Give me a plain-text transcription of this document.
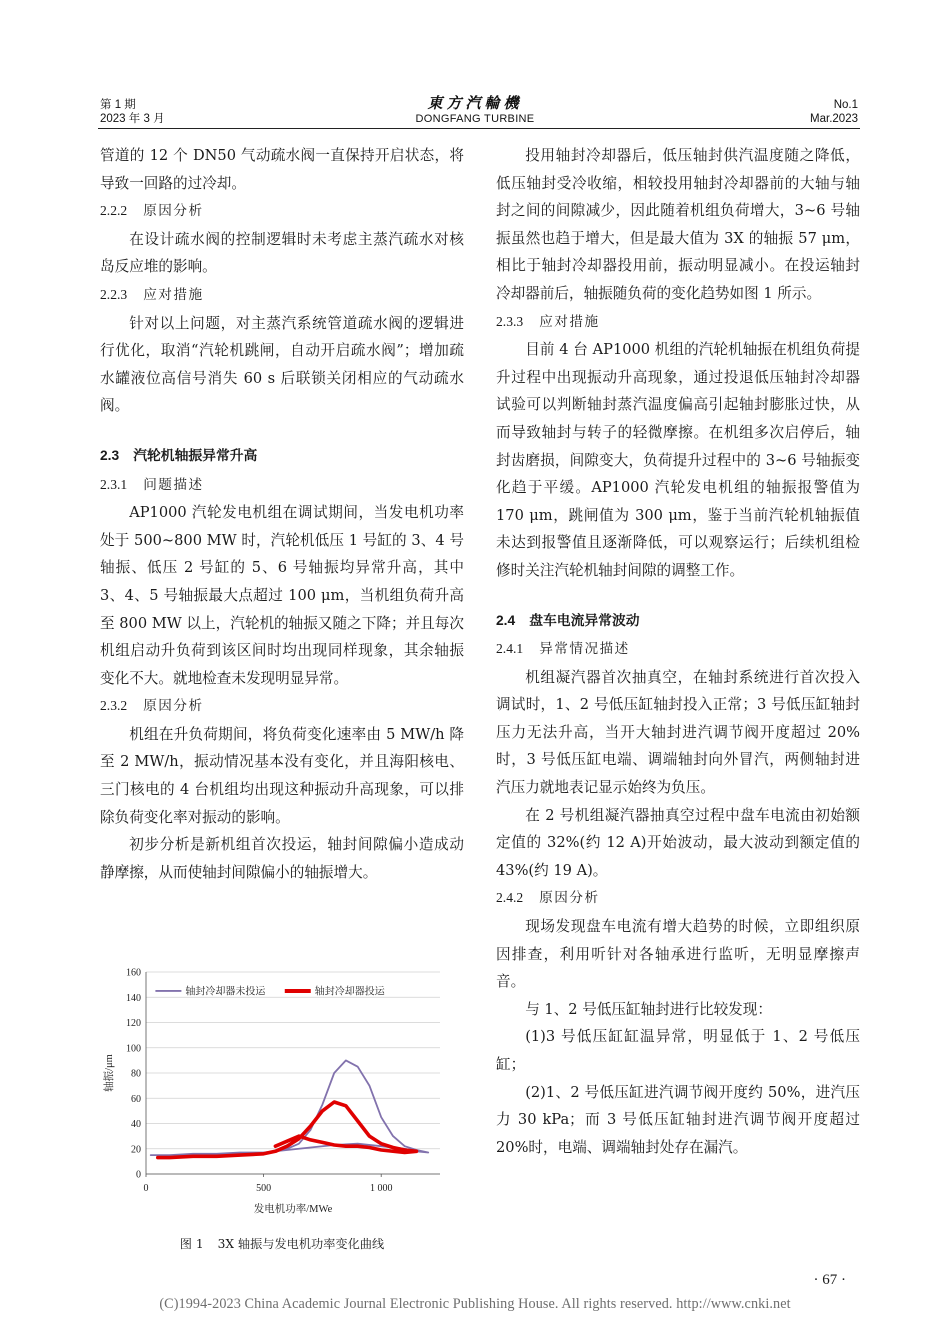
第 1 期
2023 年 3 月
東方汽輪機
DONGFANG TURBINE
No.1
Mar.2023

管道的 12 个 DN50 气动疏水阀一直保持开启状态，将导致一回路的过冷却。

2.2.2 原因分析

在设计疏水阀的控制逻辑时未考虑主蒸汽疏水对核岛反应堆的影响。

2.2.3 应对措施

针对以上问题，对主蒸汽系统管道疏水阀的逻辑进行优化，取消“汽轮机跳闸，自动开启疏水阀”；增加疏水罐液位高信号消失 60 s 后联锁关闭相应的气动疏水阀。

2.3 汽轮机轴振异常升高

2.3.1 问题描述

AP1000 汽轮发电机组在调试期间，当发电机功率处于 500~800 MW 时，汽轮机低压 1 号缸的 3、4 号轴振、低压 2 号缸的 5、6 号轴振均异常升高，其中 3、4、5 号轴振最大点超过 100 μm，当机组负荷升高至 800 MW 以上，汽轮机的轴振又随之下降；并且每次机组启动升负荷到该区间时均出现同样现象，其余轴振变化不大。就地检查未发现明显异常。

2.3.2 原因分析

机组在升负荷期间，将负荷变化速率由 5 MW/h 降至 2 MW/h，振动情况基本没有变化，并且海阳核电、三门核电的 4 台机组均出现这种振动升高现象，可以排除负荷变化率对振动的影响。

初步分析是新机组首次投运，轴封间隙偏小造成动静摩擦，从而使轴封间隙偏小的轴振增大。

0
20
40
60
80
100
120
140
160
0	500	1 000
发电机功率/MWe
轴振/μm
轴封冷却器未投运	轴封冷却器投运
图 1 3X 轴振与发电机功率变化曲线

投用轴封冷却器后，低压轴封供汽温度随之降低，低压轴封受冷收缩，相较投用轴封冷却器前的大轴与轴封之间的间隙减少，因此随着机组负荷增大，3~6 号轴振虽然也趋于增大，但是最大值为 3X 的轴振 57 μm，相比于轴封冷却器投用前，振动明显减小。在投运轴封冷却器前后，轴振随负荷的变化趋势如图 1 所示。

2.3.3 应对措施

目前 4 台 AP1000 机组的汽轮机轴振在机组负荷提升过程中出现振动升高现象，通过投退低压轴封冷却器试验可以判断轴封蒸汽温度偏高引起轴封膨胀过快，从而导致轴封与转子的轻微摩擦。在机组多次启停后，轴封齿磨损，间隙变大，负荷提升过程中的 3~6 号轴振变化趋于平缓。AP1000 汽轮发电机组的轴振报警值为 170 μm，跳闸值为 300 μm，鉴于当前汽轮机轴振值未达到报警值且逐渐降低，可以观察运行；后续机组检修时关注汽轮机轴封间隙的调整工作。

2.4 盘车电流异常波动

2.4.1 异常情况描述

机组凝汽器首次抽真空，在轴封系统进行首次投入调试时，1、2 号低压缸轴封投入正常；3 号低压缸轴封压力无法升高，当开大轴封进汽调节阀开度超过 20%时，3 号低压缸电端、调端轴封向外冒汽，两侧轴封进汽压力就地表记显示始终为负压。

在 2 号机组凝汽器抽真空过程中盘车电流由初始额定值的 32%(约 12 A)开始波动，最大波动到额定值的 43%(约 19 A)。

2.4.2 原因分析

现场发现盘车电流有增大趋势的时候，立即组织原因排查，利用听针对各轴承进行监听，无明显摩擦声音。

与 1、2 号低压缸轴封进行比较发现：

(1)3 号低压缸缸温异常，明显低于 1、2 号低压缸；

(2)1、2 号低压缸进汽调节阀开度约 50%，进汽压力 30 kPa；而 3 号低压缸轴封进汽调节阀开度超过 20%时，电端、调端轴封处存在漏汽。

· 67 ·
(C)1994-2023 China Academic Journal Electronic Publishing House. All rights reserved. http://www.cnki.net
